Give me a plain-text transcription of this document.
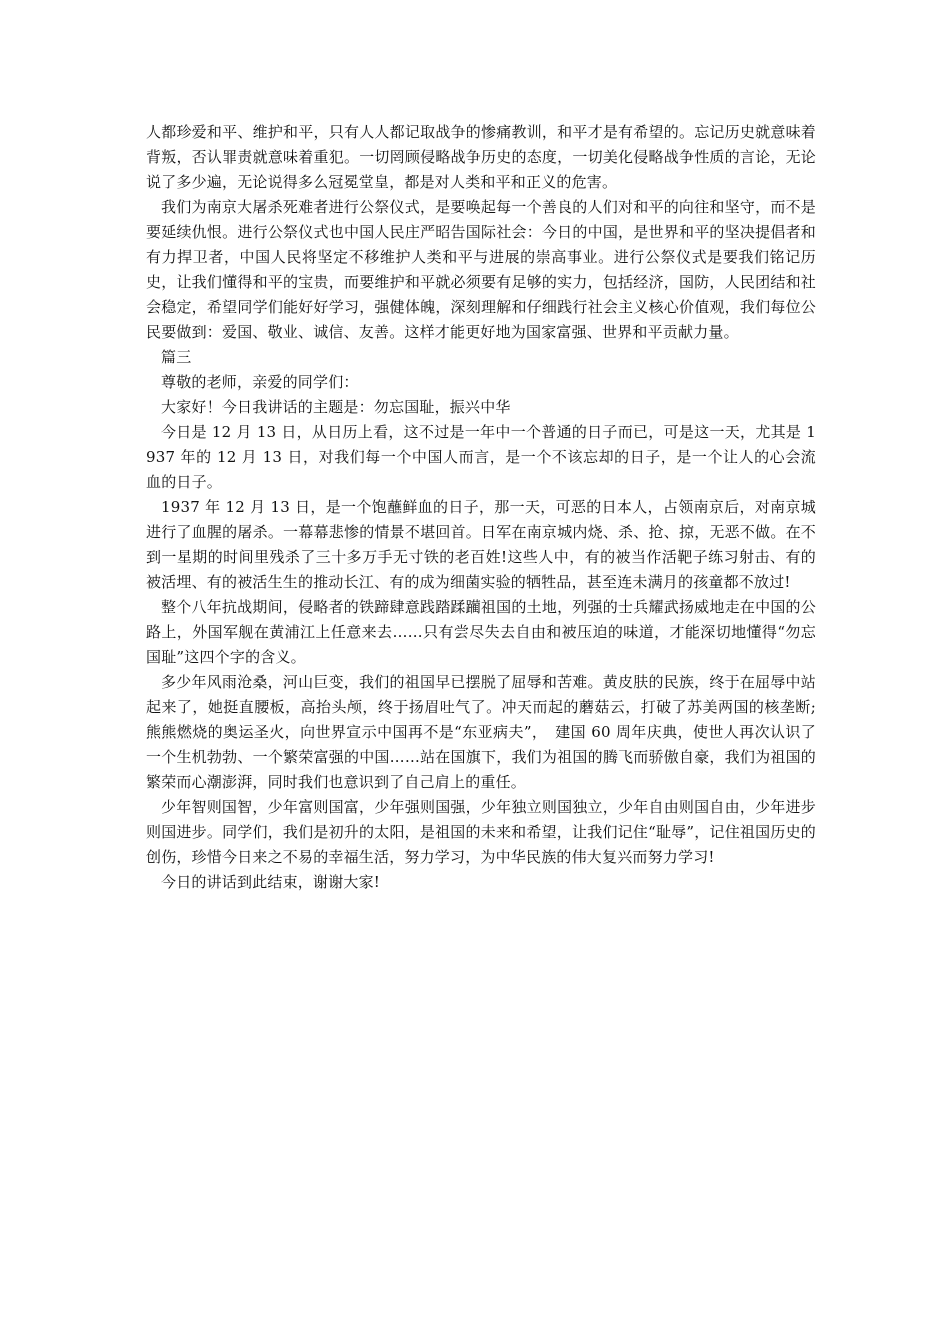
人都珍爱和平、维护和平，只有人人都记取战争的惨痛教训，和平才是有希望的。忘记历史就意味着背叛，否认罪责就意味着重犯。一切罔顾侵略战争历史的态度，一切美化侵略战争性质的言论，无论说了多少遍，无论说得多么冠冕堂皇，都是对人类和平和正义的危害。

我们为南京大屠杀死难者进行公祭仪式，是要唤起每一个善良的人们对和平的向往和坚守，而不是要延续仇恨。进行公祭仪式也中国人民庄严昭告国际社会：今日的中国，是世界和平的坚决提倡者和有力捍卫者，中国人民将坚定不移维护人类和平与进展的崇高事业。进行公祭仪式是要我们铭记历史，让我们懂得和平的宝贵，而要维护和平就必须要有足够的实力，包括经济，国防，人民团结和社会稳定，希望同学们能好好学习，强健体魄，深刻理解和仔细践行社会主义核心价值观，我们每位公民要做到：爱国、敬业、诚信、友善。这样才能更好地为国家富强、世界和平贡献力量。

篇三

尊敬的老师，亲爱的同学们：

大家好！今日我讲话的主题是：勿忘国耻，振兴中华

今日是 12 月 13 日，从日历上看，这不过是一年中一个普通的日子而已，可是这一天，尤其是 1937 年的 12 月 13 日，对我们每一个中国人而言，是一个不该忘却的日子，是一个让人的心会流血的日子。

1937 年 12 月 13 日，是一个饱蘸鲜血的日子，那一天，可恶的日本人，占领南京后，对南京城进行了血腥的屠杀。一幕幕悲惨的情景不堪回首。日军在南京城内烧、杀、抢、掠，无恶不做。在不到一星期的时间里残杀了三十多万手无寸铁的老百姓!这些人中，有的被当作活靶子练习射击、有的被活埋、有的被活生生的推动长江、有的成为细菌实验的牺牲品，甚至连未满月的孩童都不放过!

整个八年抗战期间，侵略者的铁蹄肆意践踏蹂躏祖国的土地，列强的士兵耀武扬威地走在中国的公路上，外国军舰在黄浦江上任意来去……只有尝尽失去自由和被压迫的味道，才能深切地懂得“勿忘国耻”这四个字的含义。

多少年风雨沧桑，河山巨变，我们的祖国早已摆脱了屈辱和苦难。黄皮肤的民族，终于在屈辱中站起来了，她挺直腰板，高抬头颅，终于扬眉吐气了。冲天而起的蘑菇云，打破了苏美两国的核垄断;熊熊燃烧的奥运圣火，向世界宣示中国再不是“东亚病夫”，　建国 60 周年庆典，使世人再次认识了一个生机勃勃、一个繁荣富强的中国……站在国旗下，我们为祖国的腾飞而骄傲自豪，我们为祖国的繁荣而心潮澎湃，同时我们也意识到了自己肩上的重任。

少年智则国智，少年富则国富，少年强则国强，少年独立则国独立，少年自由则国自由，少年进步则国进步。同学们，我们是初升的太阳，是祖国的未来和希望，让我们记住“耻辱”，记住祖国历史的创伤，珍惜今日来之不易的幸福生活，努力学习，为中华民族的伟大复兴而努力学习!

今日的讲话到此结束，谢谢大家!
